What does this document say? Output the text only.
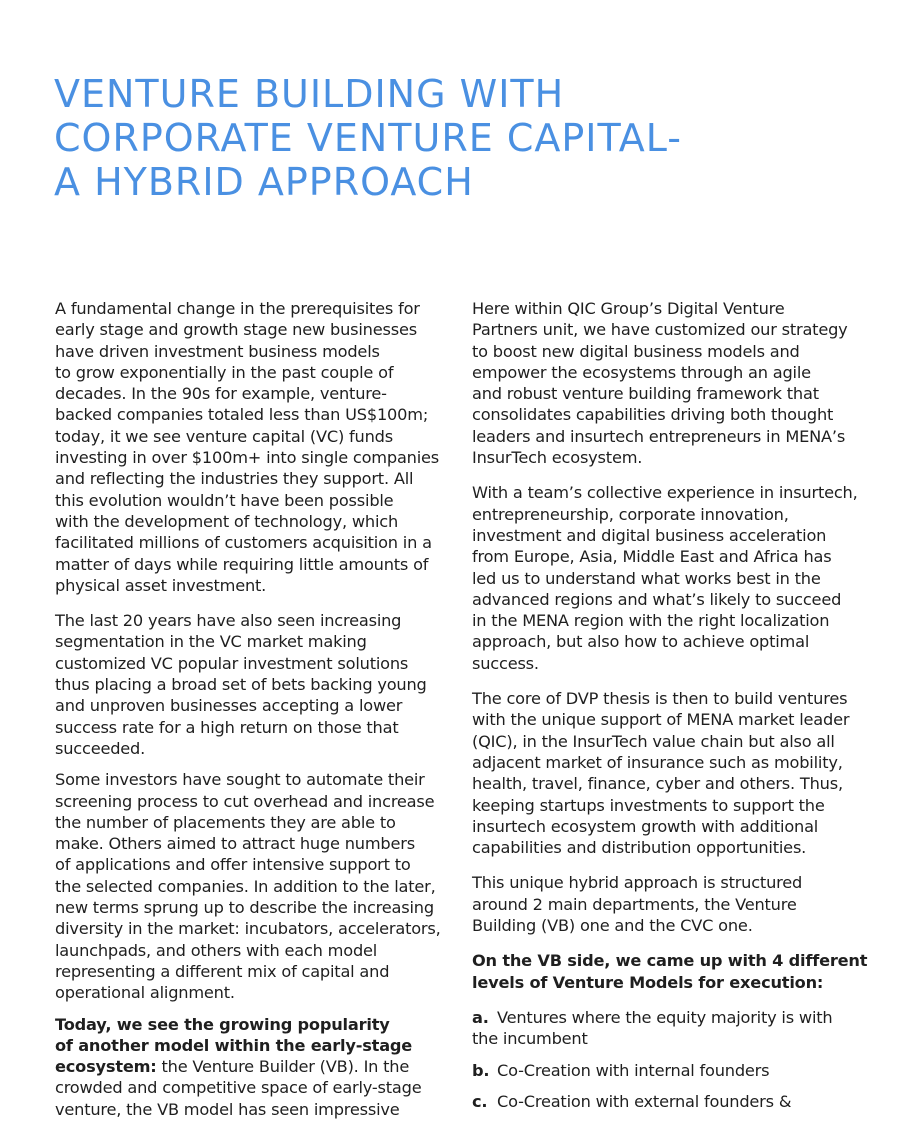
VENTURE BUILDING WITH
CORPORATE VENTURE CAPITAL-
A HYBRID APPROACH

A fundamental change in the prerequisites for
early stage and growth stage new businesses
have driven investment business models
to grow exponentially in the past couple of
decades. In the 90s for example, venture-
backed companies totaled less than US$100m;
today, it we see venture capital (VC) funds
investing in over $100m+ into single companies
and reflecting the industries they support. All
this evolution wouldn’t have been possible
with the development of technology, which
facilitated millions of customers acquisition in a
matter of days while requiring little amounts of
physical asset investment.

The last 20 years have also seen increasing
segmentation in the VC market making
customized VC popular investment solutions
thus placing a broad set of bets backing young
and unproven businesses accepting a lower
success rate for a high return on those that
succeeded.

Some investors have sought to automate their
screening process to cut overhead and increase
the number of placements they are able to
make. Others aimed to attract huge numbers
of applications and offer intensive support to
the selected companies. In addition to the later,
new terms sprung up to describe the increasing
diversity in the market: incubators, accelerators,
launchpads, and others with each model
representing a different mix of capital and
operational alignment.

Today, we see the growing popularity
of another model within the early-stage
ecosystem: the Venture Builder (VB). In the
crowded and competitive space of early-stage
venture, the VB model has seen impressive

Here within QIC Group’s Digital Venture
Partners unit, we have customized our strategy
to boost new digital business models and
empower the ecosystems through an agile
and robust venture building framework that
consolidates capabilities driving both thought
leaders and insurtech entrepreneurs in MENA’s
InsurTech ecosystem.

With a team’s collective experience in insurtech,
entrepreneurship, corporate innovation,
investment and digital business acceleration
from Europe, Asia, Middle East and Africa has
led us to understand what works best in the
advanced regions and what’s likely to succeed
in the MENA region with the right localization
approach, but also how to achieve optimal
success.

The core of DVP thesis is then to build ventures
with the unique support of MENA market leader
(QIC), in the InsurTech value chain but also all
adjacent market of insurance such as mobility,
health, travel, finance, cyber and others. Thus,
keeping startups investments to support the
insurtech ecosystem growth with additional
capabilities and distribution opportunities.

This unique hybrid approach is structured
around 2 main departments, the Venture
Building (VB) one and the CVC one.

On the VB side, we came up with 4 different
levels of Venture Models for execution:

a. Ventures where the equity majority is with
the incumbent
b. Co-Creation with internal founders
c. Co-Creation with external founders &
